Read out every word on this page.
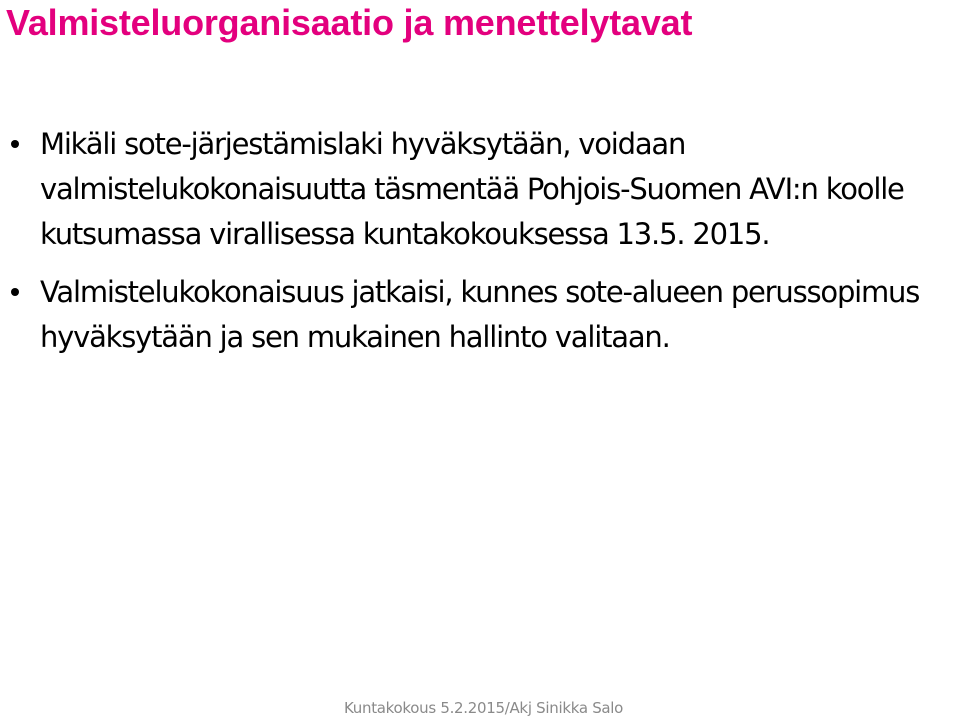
Valmisteluorganisaatio ja menettelytavat
Mikäli sote-järjestämislaki hyväksytään, voidaan valmistelukokonaisuutta täsmentää Pohjois-Suomen AVI:n koolle kutsumassa virallisessa kuntakokouksessa 13.5. 2015.
Valmistelukokonaisuus jatkaisi, kunnes sote-alueen perussopimus hyväksytään ja sen mukainen hallinto valitaan.
Kuntakokous 5.2.2015/Akj Sinikka Salo
